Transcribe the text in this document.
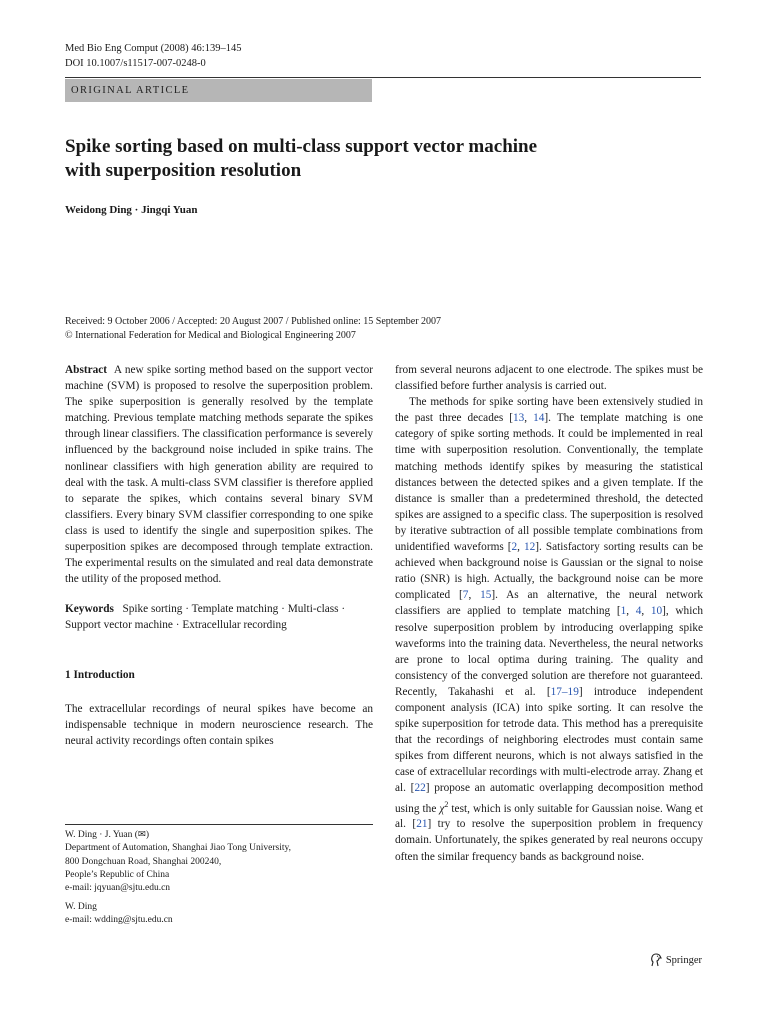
Med Bio Eng Comput (2008) 46:139–145
DOI 10.1007/s11517-007-0248-0
ORIGINAL ARTICLE
Spike sorting based on multi-class support vector machine
with superposition resolution
Weidong Ding · Jingqi Yuan
Received: 9 October 2006 / Accepted: 20 August 2007 / Published online: 15 September 2007
© International Federation for Medical and Biological Engineering 2007

Abstract A new spike sorting method based on the support vector machine (SVM) is proposed to resolve the superposition problem. The spike superposition is generally resolved by the template matching. Previous template matching methods separate the spikes through linear classifiers. The classification performance is severely influenced by the background noise included in spike trains. The nonlinear classifiers with high generation ability are required to deal with the task. A multi-class SVM classifier is therefore applied to separate the spikes, which contains several binary SVM classifiers. Every binary SVM classifier corresponding to one spike class is used to identify the single and superposition spikes. The superposition spikes are decomposed through template extraction. The experimental results on the simulated and real data demonstrate the utility of the proposed method.

Keywords Spike sorting · Template matching · Multi-class · Support vector machine · Extracellular recording

1 Introduction

The extracellular recordings of neural spikes have become an indispensable technique in modern neuroscience research. The neural activity recordings often contain spikes

from several neurons adjacent to one electrode. The spikes must be classified before further analysis is carried out.

The methods for spike sorting have been extensively studied in the past three decades [13, 14]. The template matching is one category of spike sorting methods. It could be implemented in real time with superposition resolution. Conventionally, the template matching methods identify spikes by measuring the statistical distances between the detected spikes and a given template. If the distance is smaller than a predetermined threshold, the detected spikes are assigned to a specific class. The superposition is resolved by iterative subtraction of all possible template combinations from unidentified waveforms [2, 12]. Satisfactory sorting results can be achieved when background noise is Gaussian or the signal to noise ratio (SNR) is high. Actually, the background noise can be more complicated [7, 15]. As an alternative, the neural network classifiers are applied to template matching [1, 4, 10], which resolve superposition problem by introducing overlapping spike waveforms into the training data. Nevertheless, the neural networks are prone to local optima during training. The quality and consistency of the converged solution are therefore not guaranteed. Recently, Takahashi et al. [17–19] introduce independent component analysis (ICA) into spike sorting. It can resolve the spike superposition for tetrode data. This method has a prerequisite that the recordings of neighboring electrodes must contain same spikes from different neurons, which is not always satisfied in the case of extracellular recordings with multi-electrode array. Zhang et al. [22] propose an automatic overlapping decomposition method using the $\chi^2$ test, which is only suitable for Gaussian noise. Wang et al. [21] try to resolve the superposition problem in frequency domain. Unfortunately, the spikes generated by real neurons occupy often the similar frequency bands as background noise.

W. Ding · J. Yuan (✉)
Department of Automation, Shanghai Jiao Tong University,
800 Dongchuan Road, Shanghai 200240,
People’s Republic of China
e-mail: jqyuan@sjtu.edu.cn
W. Ding
e-mail: wdding@sjtu.edu.cn
Springer
